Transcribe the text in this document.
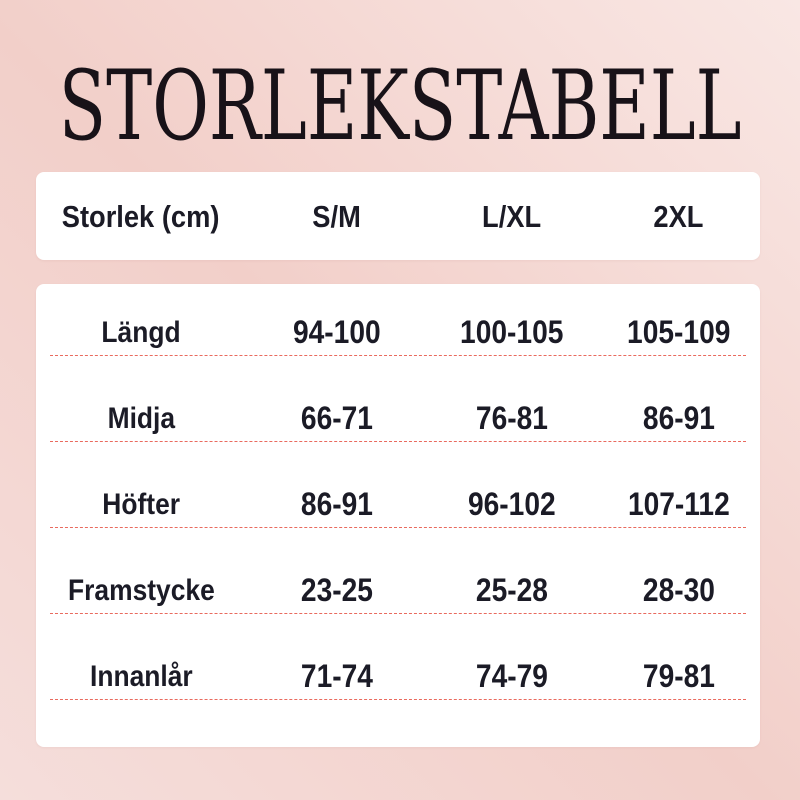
STORLEKSTABELL
Storlek (cm)	S/M	L/XL	2XL
Längd	94-100	100-105	105-109
Midja	66-71	76-81	86-91
Höfter	86-91	96-102	107-112
Framstycke	23-25	25-28	28-30
Innanlår	71-74	74-79	79-81
